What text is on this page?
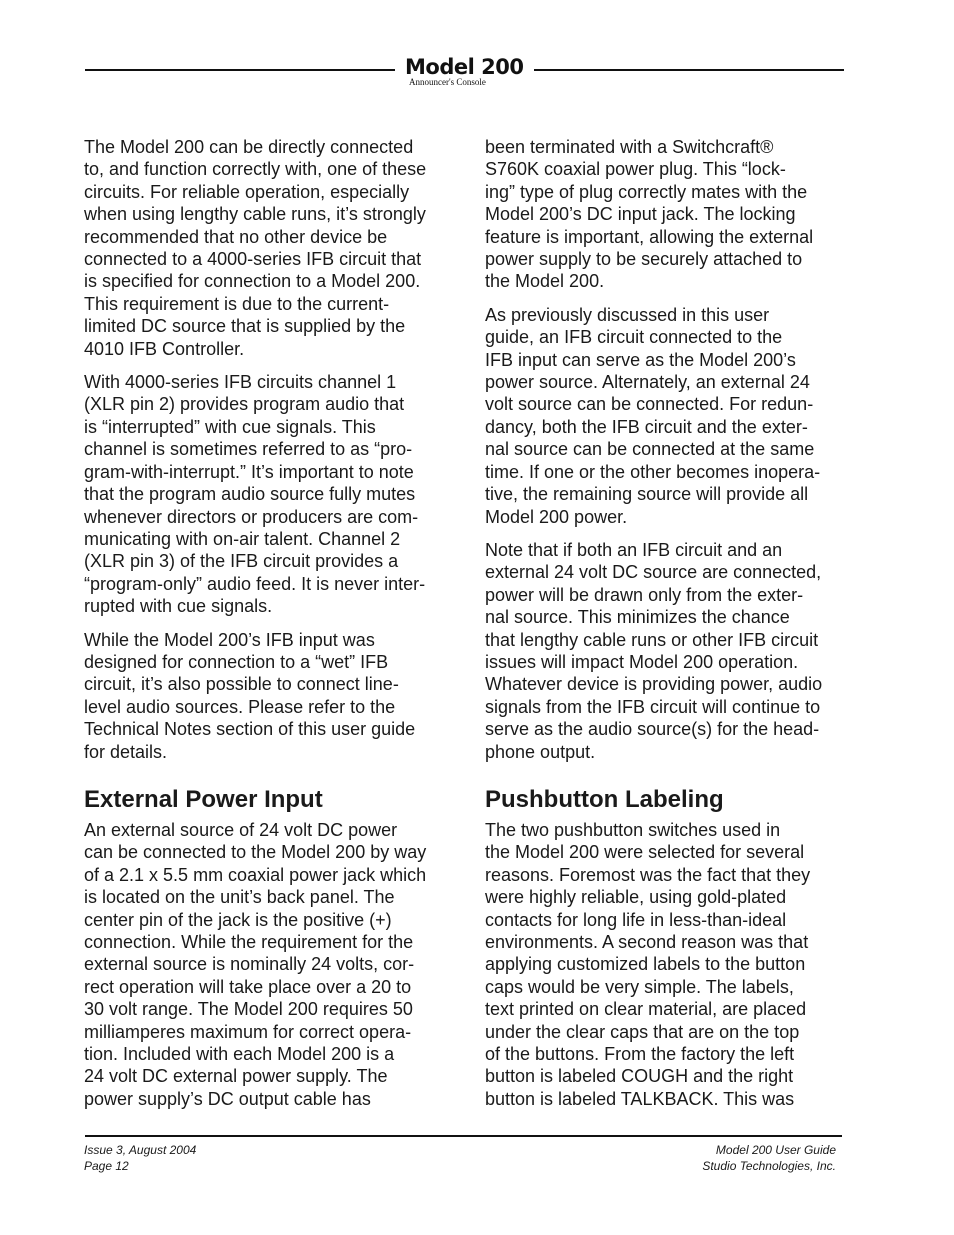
Model 200
Announcer's Console

The Model 200 can be directly connected
to, and function correctly with, one of these
circuits. For reliable operation, especially
when using lengthy cable runs, it’s strongly
recommended that no other device be
connected to a 4000-series IFB circuit that
is specified for connection to a Model 200.
This requirement is due to the current-
limited DC source that is supplied by the
4010 IFB Controller.

With 4000-series IFB circuits channel 1
(XLR pin 2) provides program audio that
is “interrupted” with cue signals. This
channel is sometimes referred to as “pro-
gram-with-interrupt.” It’s important to note
that the program audio source fully mutes
whenever directors or producers are com-
municating with on-air talent. Channel 2
(XLR pin 3) of the IFB circuit provides a
“program-only” audio feed. It is never inter-
rupted with cue signals.

While the Model 200’s IFB input was
designed for connection to a “wet” IFB
circuit, it’s also possible to connect line-
level audio sources. Please refer to the
Technical Notes section of this user guide
for details.

External Power Input

An external source of 24 volt DC power
can be connected to the Model 200 by way
of a 2.1 x 5.5 mm coaxial power jack which
is located on the unit’s back panel. The
center pin of the jack is the positive (+)
connection. While the requirement for the
external source is nominally 24 volts, cor-
rect operation will take place over a 20 to
30 volt range. The Model 200 requires 50
milliamperes maximum for correct opera-
tion. Included with each Model 200 is a
24 volt DC external power supply. The
power supply’s DC output cable has

been terminated with a Switchcraft®
S760K coaxial power plug. This “lock-
ing” type of plug correctly mates with the
Model 200’s DC input jack. The locking
feature is important, allowing the external
power supply to be securely attached to
the Model 200.

As previously discussed in this user
guide, an IFB circuit connected to the
IFB input can serve as the Model 200’s
power source. Alternately, an external 24
volt source can be connected. For redun-
dancy, both the IFB circuit and the exter-
nal source can be connected at the same
time. If one or the other becomes inopera-
tive, the remaining source will provide all
Model 200 power.

Note that if both an IFB circuit and an
external 24 volt DC source are connected,
power will be drawn only from the exter-
nal source. This minimizes the chance
that lengthy cable runs or other IFB circuit
issues will impact Model 200 operation.
Whatever device is providing power, audio
signals from the IFB circuit will continue to
serve as the audio source(s) for the head-
phone output.

Pushbutton Labeling

The two pushbutton switches used in
the Model 200 were selected for several
reasons. Foremost was the fact that they
were highly reliable, using gold-plated
contacts for long life in less-than-ideal
environments. A second reason was that
applying customized labels to the button
caps would be very simple. The labels,
text printed on clear material, are placed
under the clear caps that are on the top
of the buttons. From the factory the left
button is labeled COUGH and the right
button is labeled TALKBACK. This was

Issue 3, August 2004
Page 12
Model 200 User Guide
Studio Technologies, Inc.
